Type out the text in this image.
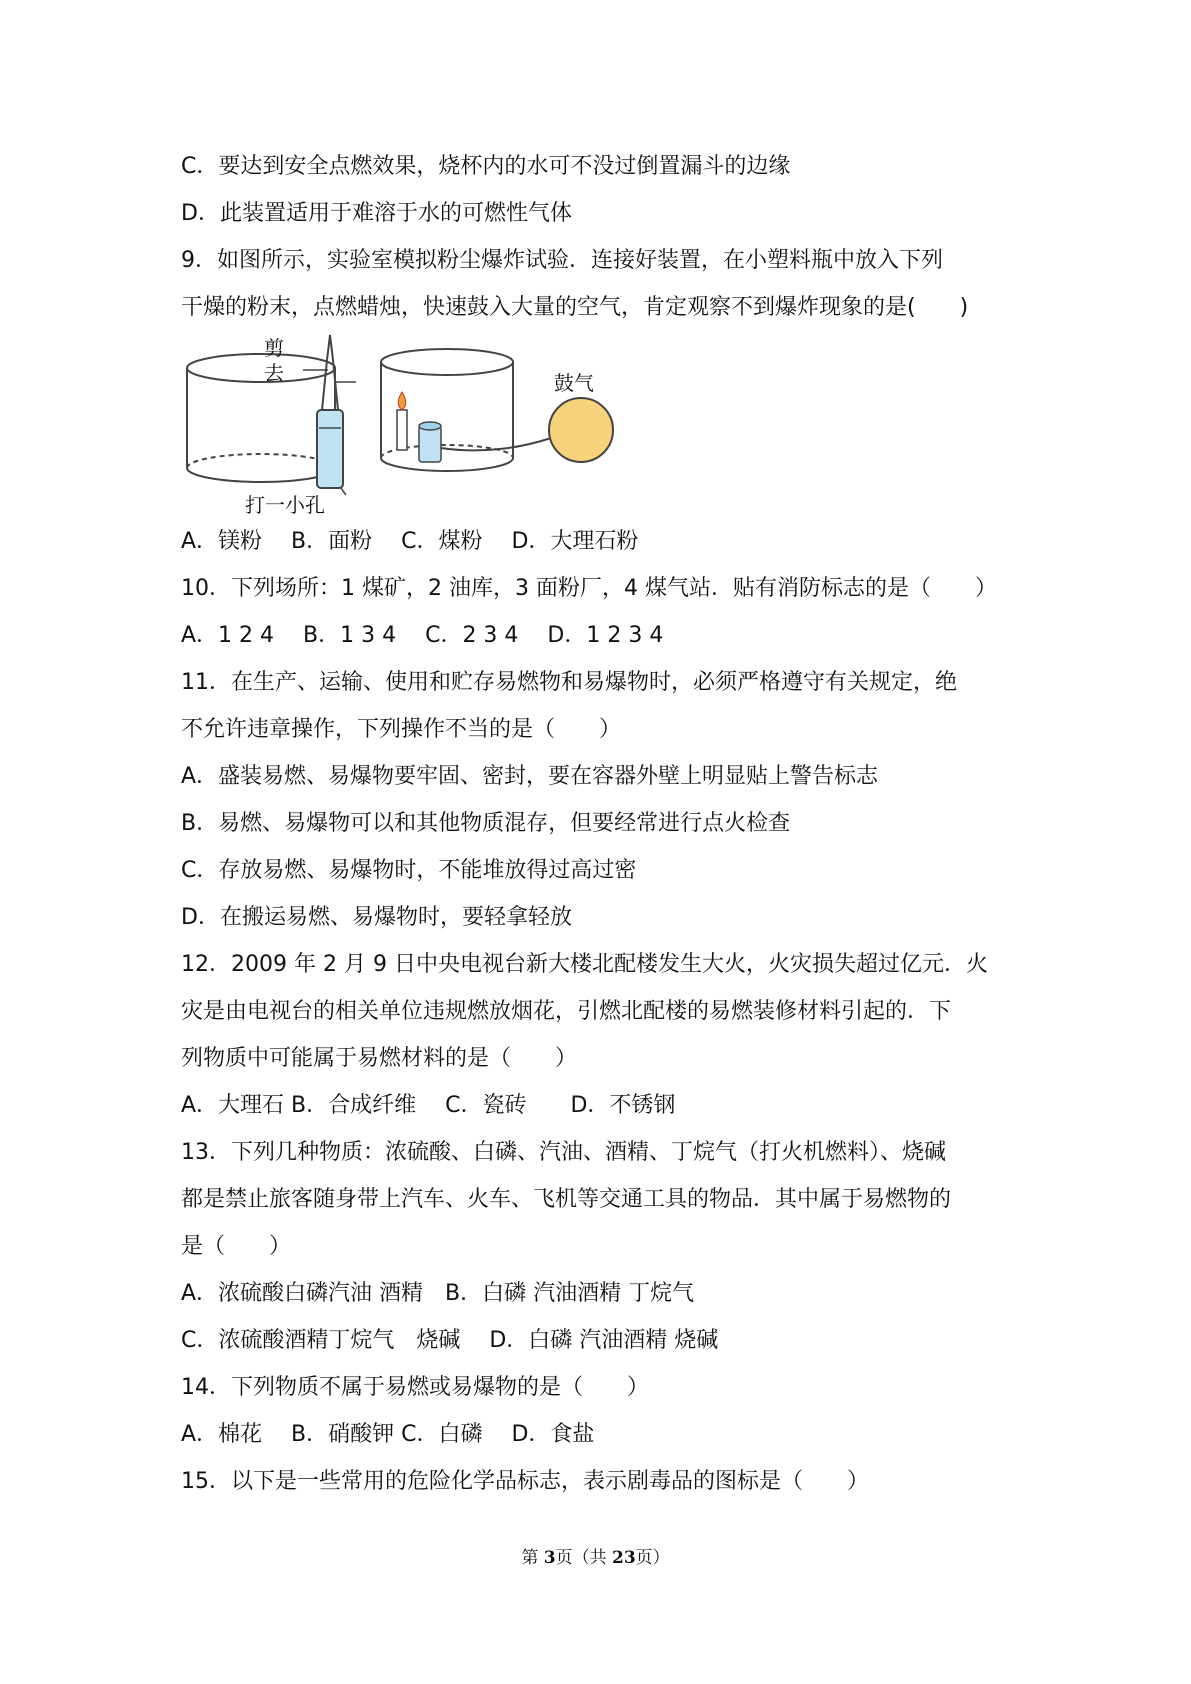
C．要达到安全点燃效果，烧杯内的水可不没过倒置漏斗的边缘
D．此装置适用于难溶于水的可燃性气体
9．如图所示，实验室模拟粉尘爆炸试验．连接好装置，在小塑料瓶中放入下列
干燥的粉末，点燃蜡烛，快速鼓入大量的空气，肯定观察不到爆炸现象的是(　　)
A．镁粉　 B．面粉　 C．煤粉　 D．大理石粉
10．下列场所：1 煤矿，2 油库，3 面粉厂，4 煤气站．贴有消防标志的是（　　）
A．1 2 4　 B．1 3 4　 C．2 3 4　 D．1 2 3 4
11．在生产、运输、使用和贮存易燃物和易爆物时，必须严格遵守有关规定，绝
不允许违章操作，下列操作不当的是（　　）
A．盛装易燃、易爆物要牢固、密封，要在容器外壁上明显贴上警告标志
B．易燃、易爆物可以和其他物质混存，但要经常进行点火检查
C．存放易燃、易爆物时，不能堆放得过高过密
D．在搬运易燃、易爆物时，要轻拿轻放
12．2009 年 2 月 9 日中央电视台新大楼北配楼发生大火，火灾损失超过亿元．火
灾是由电视台的相关单位违规燃放烟花，引燃北配楼的易燃装修材料引起的．下
列物质中可能属于易燃材料的是（　　）
A．大理石 B．合成纤维　 C．瓷砖　　D．不锈钢
13．下列几种物质：浓硫酸、白磷、汽油、酒精、丁烷气（打火机燃料）、烧碱
都是禁止旅客随身带上汽车、火车、飞机等交通工具的物品．其中属于易燃物的
是（　　）
A．浓硫酸白磷汽油 酒精　B．白磷 汽油酒精 丁烷气
C．浓硫酸酒精丁烷气　烧碱　 D．白磷 汽油酒精 烧碱
14．下列物质不属于易燃或易爆物的是（　　）
A．棉花　 B．硝酸钾 C．白磷　 D．食盐
15．以下是一些常用的危险化学品标志，表示剧毒品的图标是（　　）
剪
去
打一小孔
鼓气
第 3页（共 23页）
